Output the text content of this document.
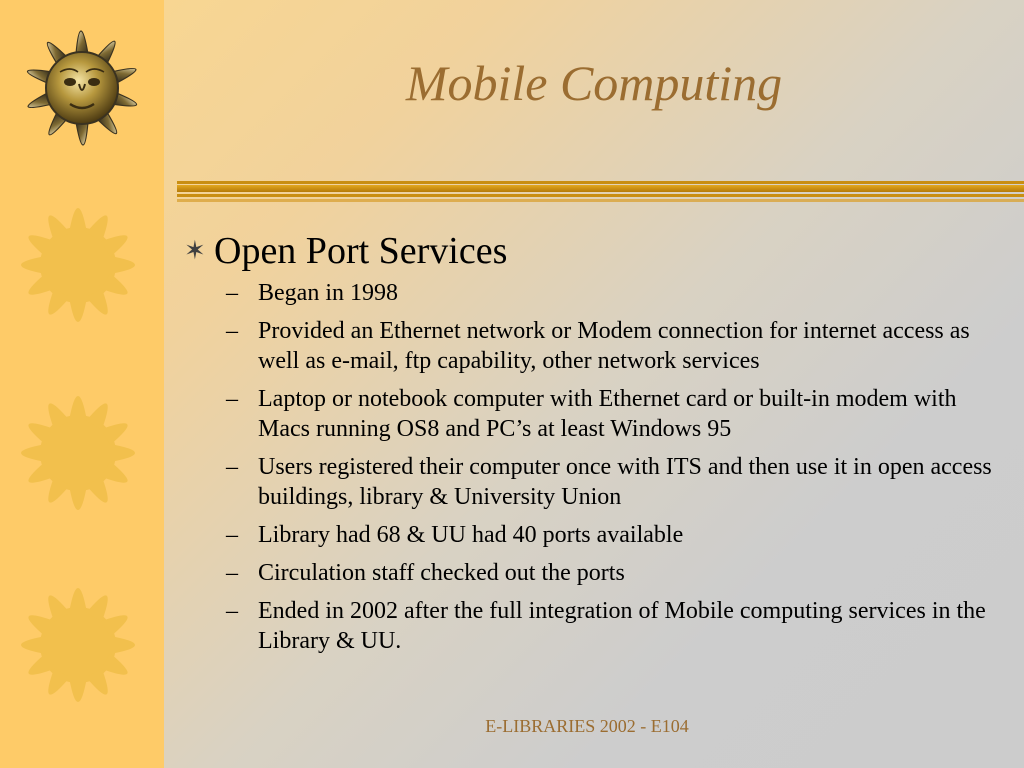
Mobile Computing
✶ Open Port Services
– Began in 1998
– Provided an Ethernet network or Modem connection for internet access as well as e-mail, ftp capability, other network services
– Laptop or notebook computer with Ethernet card or built-in modem with Macs running OS8 and PC’s at least Windows 95
– Users registered their computer once with ITS and then use it in open access buildings, library & University Union
– Library had 68 & UU had 40 ports available
– Circulation staff checked out the ports
– Ended in 2002 after the full integration of Mobile computing services in the Library & UU.
E-LIBRARIES 2002 - E104
